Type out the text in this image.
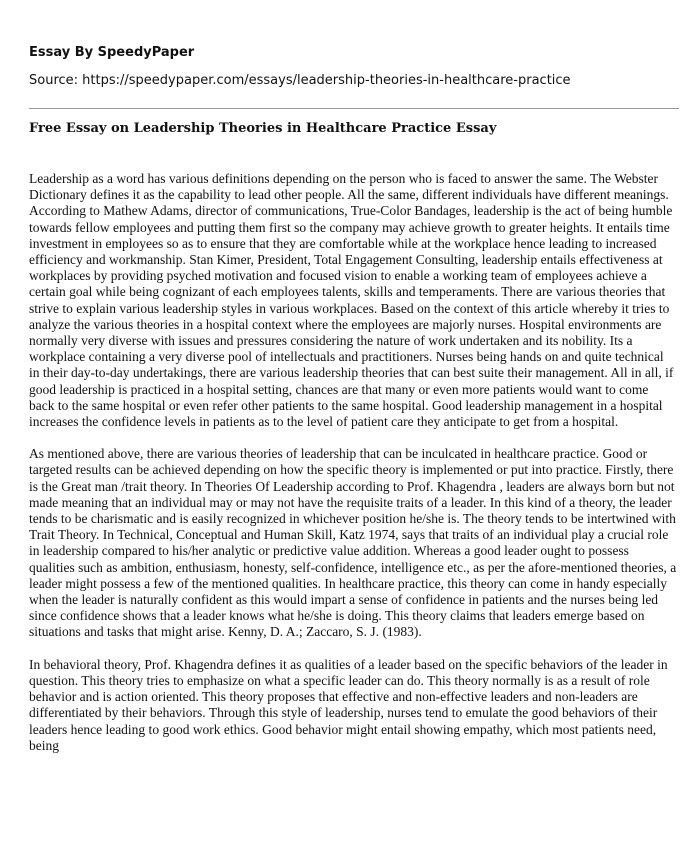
Essay By SpeedyPaper
Source: https://speedypaper.com/essays/leadership-theories-in-healthcare-practice
Free Essay on Leadership Theories in Healthcare Practice Essay

Leadership as a word has various definitions depending on the person who is faced to answer the same. The Webster Dictionary defines it as the capability to lead other people. All the same, different individuals have different meanings. According to Mathew Adams, director of communications, True-Color Bandages, leadership is the act of being humble towards fellow employees and putting them first so the company may achieve growth to greater heights. It entails time investment in employees so as to ensure that they are comfortable while at the workplace hence leading to increased efficiency and workmanship. Stan Kimer, President, Total Engagement Consulting, leadership entails effectiveness at workplaces by providing psyched motivation and focused vision to enable a working team of employees achieve a certain goal while being cognizant of each employees talents, skills and temperaments. There are various theories that strive to explain various leadership styles in various workplaces. Based on the context of this article whereby it tries to analyze the various theories in a hospital context where the employees are majorly nurses. Hospital environments are normally very diverse with issues and pressures considering the nature of work undertaken and its nobility. Its a workplace containing a very diverse pool of intellectuals and practitioners. Nurses being hands on and quite technical in their day-to-day undertakings, there are various leadership theories that can best suite their management. All in all, if good leadership is practiced in a hospital setting, chances are that many or even more patients would want to come back to the same hospital or even refer other patients to the same hospital. Good leadership management in a hospital increases the confidence levels in patients as to the level of patient care they anticipate to get from a hospital.

As mentioned above, there are various theories of leadership that can be inculcated in healthcare practice. Good or targeted results can be achieved depending on how the specific theory is implemented or put into practice. Firstly, there is the Great man /trait theory. In Theories Of Leadership according to Prof. Khagendra , leaders are always born but not made meaning that an individual may or may not have the requisite traits of a leader. In this kind of a theory, the leader tends to be charismatic and is easily recognized in whichever position he/she is. The theory tends to be intertwined with Trait Theory. In Technical, Conceptual and Human Skill, Katz 1974, says that traits of an individual play a crucial role in leadership compared to his/her analytic or predictive value addition. Whereas a good leader ought to possess qualities such as ambition, enthusiasm, honesty, self-confidence, intelligence etc., as per the afore-mentioned theories, a leader might possess a few of the mentioned qualities. In healthcare practice, this theory can come in handy especially when the leader is naturally confident as this would impart a sense of confidence in patients and the nurses being led since confidence shows that a leader knows what he/she is doing. This theory claims that leaders emerge based on situations and tasks that might arise. Kenny, D. A.; Zaccaro, S. J. (1983).

In behavioral theory, Prof. Khagendra defines it as qualities of a leader based on the specific behaviors of the leader in question. This theory tries to emphasize on what a specific leader can do. This theory normally is as a result of role behavior and is action oriented. This theory proposes that effective and non-effective leaders and non-leaders are differentiated by their behaviors. Through this style of leadership, nurses tend to emulate the good behaviors of their leaders hence leading to good work ethics. Good behavior might entail showing empathy, which most patients need, being
